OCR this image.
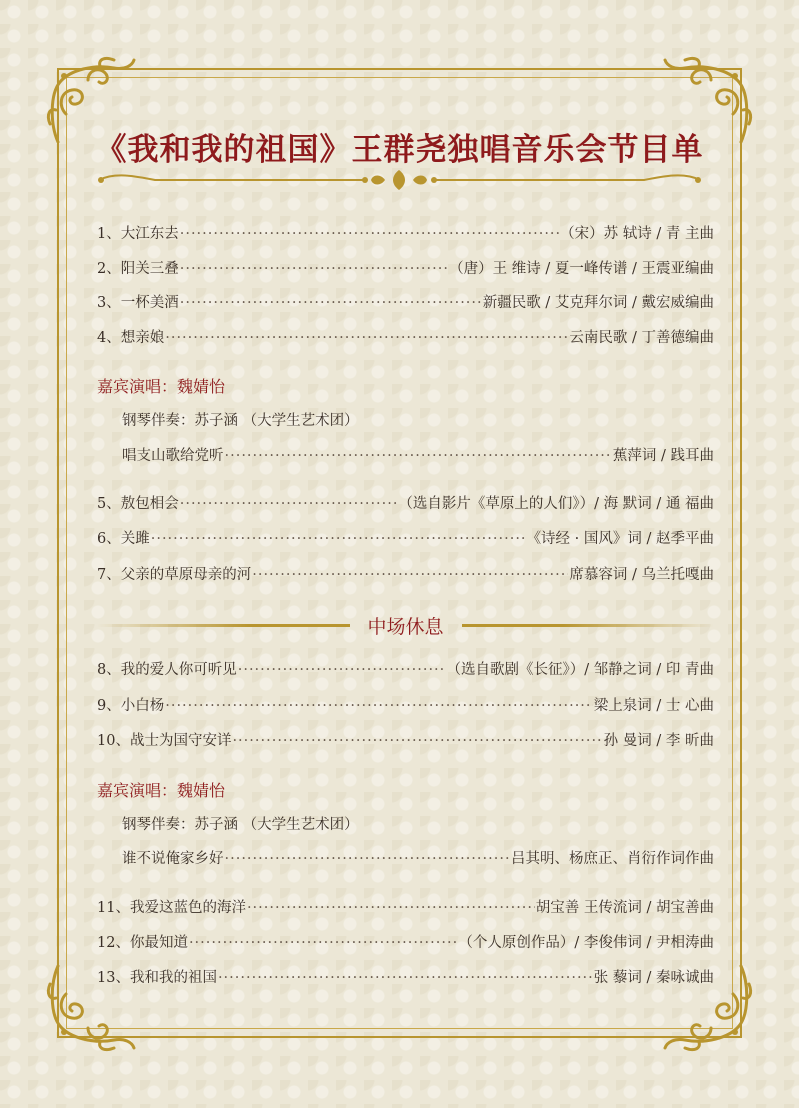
《我和我的祖国》王群尧独唱音乐会节目单
1、 大江东去 ·····	（宋）苏 轼诗 / 青 主曲
2、 阳关三叠 ·····	（唐）王 维诗 / 夏一峰传谱 / 王震亚编曲
3、 一杯美酒 ·····	新疆民歌 / 艾克拜尔词 / 戴宏威编曲
4、 想亲娘 ·····	云南民歌 / 丁善德编曲
嘉宾演唱：魏婧怡
钢琴伴奏：苏子涵 （大学生艺术团）
唱支山歌给党听 ·····	蕉萍词 / 践耳曲
5、 敖包相会 ·····	（选自影片《草原上的人们》）/ 海 默词 / 通 福曲
6、 关雎 ·····	《诗经 · 国风》词 / 赵季平曲
7、 父亲的草原母亲的河 ·····	席慕容词 / 乌兰托嘎曲
中场休息
8、 我的爱人你可听见 ·····	（选自歌剧《长征》）/ 邹静之词 / 印 青曲
9、 小白杨 ·····	梁上泉词 / 士 心曲
10、 战士为国守安详 ·····	孙 曼词 / 李 昕曲
嘉宾演唱：魏婧怡
钢琴伴奏：苏子涵 （大学生艺术团）
谁不说俺家乡好 ·····	吕其明、杨庶正、肖衍作词作曲
11、 我爱这蓝色的海洋 ·····	胡宝善 王传流词 / 胡宝善曲
12、 你最知道 ·····	（个人原创作品）/ 李俊伟词 / 尹相涛曲
13、 我和我的祖国 ·····	张 藜词 / 秦咏诚曲
